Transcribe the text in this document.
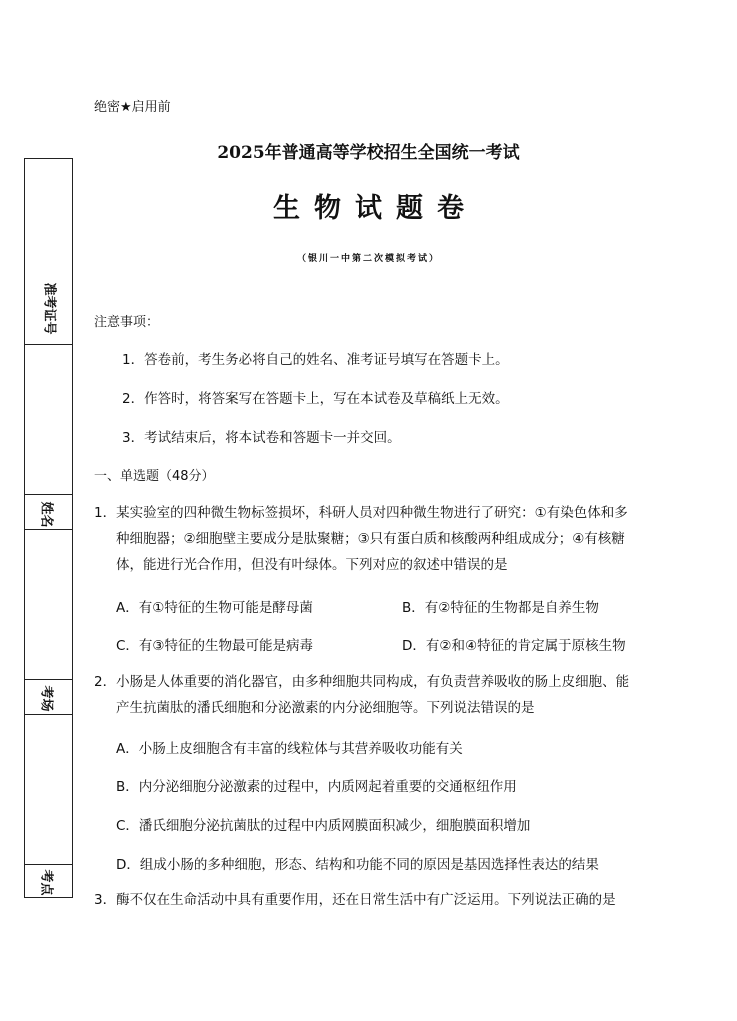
准考证号
姓名
考场
考点
绝密★启用前
2025年普通高等学校招生全国统一考试
生物试题卷
（银川一中第二次模拟考试）
注意事项：
1．答卷前，考生务必将自己的姓名、准考证号填写在答题卡上。
2．作答时，将答案写在答题卡上，写在本试卷及草稿纸上无效。
3．考试结束后，将本试卷和答题卡一并交回。
一、单选题（48分）
1．某实验室的四种微生物标签损坏，科研人员对四种微生物进行了研究：①有染色体和多
种细胞器；②细胞壁主要成分是肽聚糖；③只有蛋白质和核酸两种组成成分；④有核糖
体，能进行光合作用，但没有叶绿体。下列对应的叙述中错误的是
A．有①特征的生物可能是酵母菌	B．有②特征的生物都是自养生物
C．有③特征的生物最可能是病毒	D．有②和④特征的肯定属于原核生物
2．小肠是人体重要的消化器官，由多种细胞共同构成，有负责营养吸收的肠上皮细胞、能
产生抗菌肽的潘氏细胞和分泌激素的内分泌细胞等。下列说法错误的是
A．小肠上皮细胞含有丰富的线粒体与其营养吸收功能有关
B．内分泌细胞分泌激素的过程中，内质网起着重要的交通枢纽作用
C．潘氏细胞分泌抗菌肽的过程中内质网膜面积减少，细胞膜面积增加
D．组成小肠的多种细胞，形态、结构和功能不同的原因是基因选择性表达的结果
3．酶不仅在生命活动中具有重要作用，还在日常生活中有广泛运用。下列说法正确的是
